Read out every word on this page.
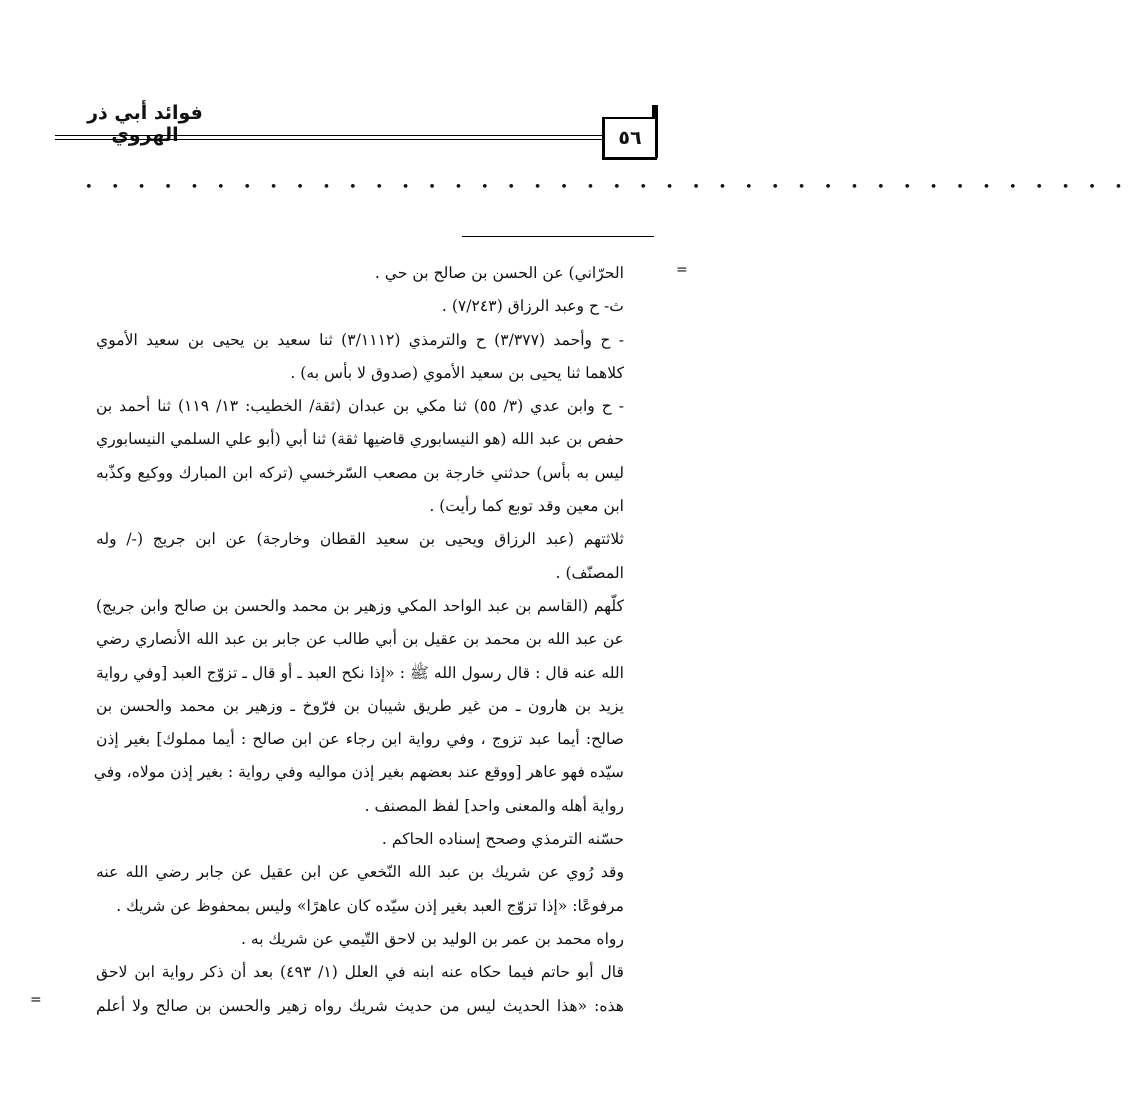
فوائد أبي ذر الهروي	٥٦
• • • • • • • • • • • • • • • • • • • • • • • • • • • • • • • • • • • • • • • •
=
=
الحرّاني) عن الحسن بن صالح بن حي .
ث- ح وعبد الرزاق (٧/٢٤٣) .
- ح وأحمد (٣/٣٧٧) ح والترمذي (٣/١١١٢) ثنا سعيد بن يحيى بن سعيد الأموي
كلاهما ثنا يحيى بن سعيد الأموي (صدوق لا بأس به) .
- ح وابن عدي (٣/ ٥٥) ثنا مكي بن عبدان (ثقة/ الخطيب: ١٣/ ١١٩) ثنا أحمد بن
حفص بن عبد الله (هو النيسابوري قاضيها ثقة) ثنا أبي (أبو علي السلمي النيسابوري
ليس به بأس) حدثني خارجة بن مصعب السّرخسي (تركه ابن المبارك ووكيع وكذّبه
ابن معين وقد توبع كما رأيت) .
ثلاثتهم (عبد الرزاق ويحيى بن سعيد القطان وخارجة) عن ابن جريج (-/ وله
المصنّف) .
كلّهم (القاسم بن عبد الواحد المكي وزهير بن محمد والحسن بن صالح وابن جريج)
عن عبد الله بن محمد بن عقيل بن أبي طالب عن جابر بن عبد الله الأنصاري رضي
الله عنه قال : قال رسول الله ﷺ : «إذا نكح العبد ـ أو قال ـ تزوّج العبد [وفي رواية
يزيد بن هارون ـ من غير طريق شيبان بن فرّوخ ـ وزهير بن محمد والحسن بن
صالح: أيما عبد تزوج ، وفي رواية ابن رجاء عن ابن صالح : أيما مملوك] بغير إذن
سيّده فهو عاهر [ووقع عند بعضهم بغير إذن مواليه وفي رواية : بغير إذن مولاه، وفي
رواية أهله والمعنى واحد] لفظ المصنف .
حسّنه الترمذي وصحح إسناده الحاكم .
وقد رُوي عن شريك بن عبد الله النّخعي عن ابن عقيل عن جابر رضي الله عنه
مرفوعًا: «إذا تزوّج العبد بغير إذن سيّده كان عاهرًا» وليس بمحفوظ عن شريك .
رواه محمد بن عمر بن الوليد بن لاحق التّيمي عن شريك به .
قال أبو حاتم فيما حكاه عنه ابنه في العلل (١/ ٤٩٣) بعد أن ذكر رواية ابن لاحق
هذه: «هذا الحديث ليس من حديث شريك رواه زهير والحسن بن صالح ولا أعلم
